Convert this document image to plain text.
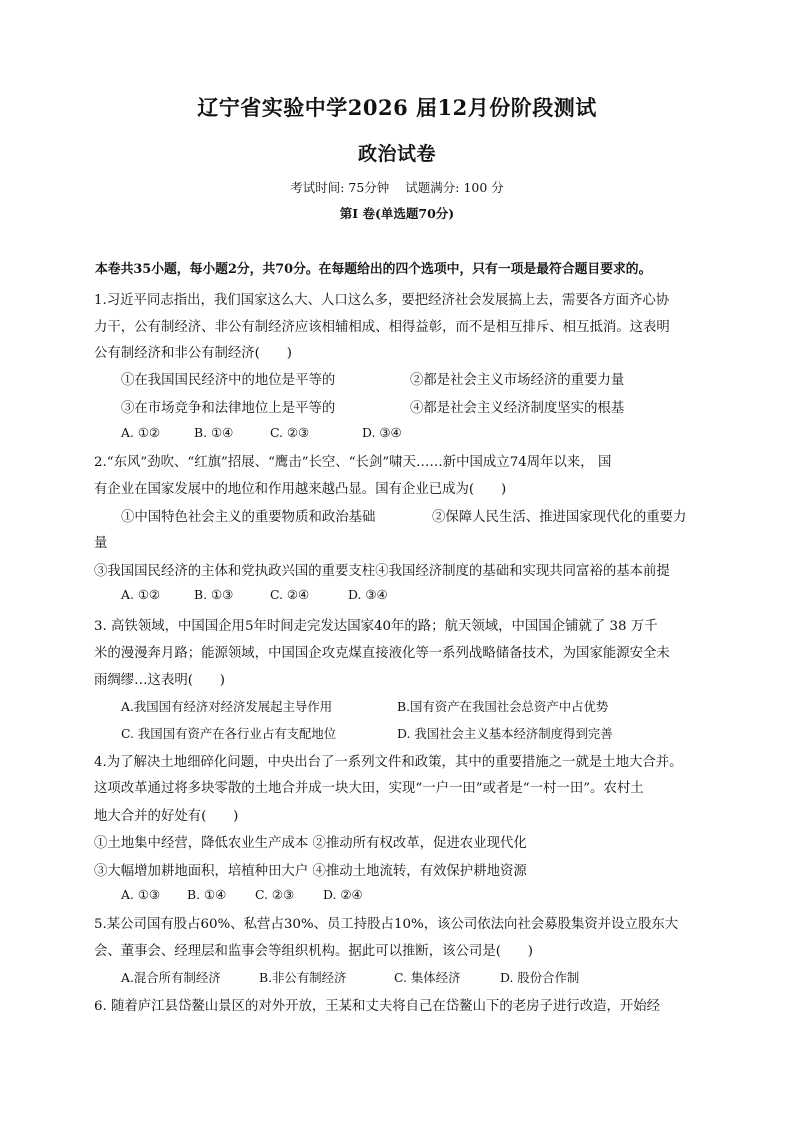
辽宁省实验中学2026 届12月份阶段测试
政治试卷
考试时间: 75分钟 试题满分: 100 分
第Ⅰ 卷(单选题70分)
本卷共35小题，每小题2分，共70分。在每题给出的四个选项中，只有一项是最符合题目要求的。
1.习近平同志指出，我们国家这么大、人口这么多，要把经济社会发展搞上去，需要各方面齐心协
力干，公有制经济、非公有制经济应该相辅相成、相得益彰，而不是相互排斥、相互抵消。这表明
公有制经济和非公有制经济(　　)
①在我国国民经济中的地位是平等的	②都是社会主义市场经济的重要力量
③在市场竞争和法律地位上是平等的	④都是社会主义经济制度坚实的根基
A. ①②	B. ①④	C. ②③	D. ③④
2.“东风”劲吹、“红旗”招展、“鹰击”长空、“长剑”啸天……新中国成立74周年以来， 国
有企业在国家发展中的地位和作用越来越凸显。国有企业已成为(　　)
①中国特色社会主义的重要物质和政治基础	②保障人民生活、推进国家现代化的重要力
量
③我国国民经济的主体和党执政兴国的重要支柱④我国经济制度的基础和实现共同富裕的基本前提
A. ①②	B. ①③	C. ②④	D. ③④
3. 高铁领域，中国国企用5年时间走完发达国家40年的路；航天领域，中国国企铺就了 38 万千
米的漫漫奔月路；能源领域，中国国企攻克煤直接液化等一系列战略储备技术，为国家能源安全未
雨绸缪…这表明(　　)
A.我国国有经济对经济发展起主导作用	B.国有资产在我国社会总资产中占优势
C. 我国国有资产在各行业占有支配地位	D. 我国社会主义基本经济制度得到完善
4.为了解决土地细碎化问题，中央出台了一系列文件和政策，其中的重要措施之一就是土地大合并。
这项改革通过将多块零散的土地合并成一块大田，实现“一户一田”或者是“一村一田”。农村土
地大合并的好处有(　　)
①土地集中经营，降低农业生产成本 ②推动所有权改革，促进农业现代化
③大幅增加耕地面积，培植种田大户 ④推动土地流转，有效保护耕地资源
A. ①③ B. ①④ C. ②③ D. ②④
5.某公司国有股占60%、私营占30%、员工持股占10%，该公司依法向社会募股集资并设立股东大
会、董事会、经理层和监事会等组织机构。据此可以推断，该公司是(　　)
A.混合所有制经济	B.非公有制经济	C. 集体经济	D. 股份合作制
6. 随着庐江县岱鳌山景区的对外开放，王某和丈夫将自己在岱鳌山下的老房子进行改造，开始经
